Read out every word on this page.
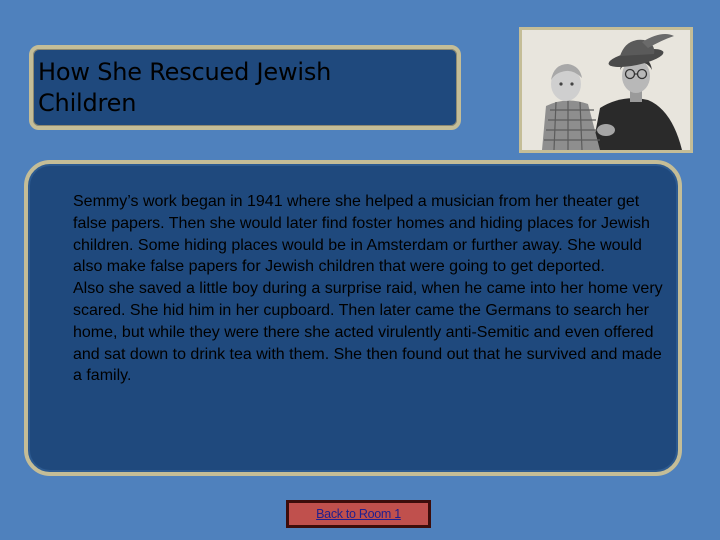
How She Rescued Jewish
Children

Semmy’s work began in 1941 where she helped a musician from her theater get false papers. Then she would later find foster homes and hiding places for Jewish children. Some hiding places would be in Amsterdam or further away. She would also make false papers for Jewish children that were going to get deported.

Also she saved a little boy during a surprise raid, when he came into her home very scared. She hid him in her cupboard. Then later came the Germans to search her home, but while they were there she acted virulently anti-Semitic and even offered and sat down to drink tea with them. She then found out that he survived and made a family.

Back to Room 1
